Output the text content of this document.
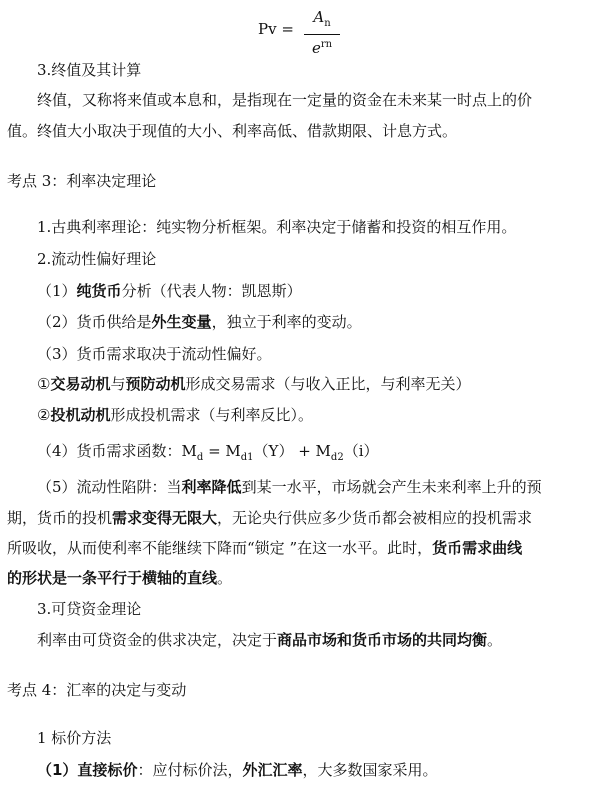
Pv =
$A_n$
$e^{rn}$
3.终值及其计算
终值，又称将来值或本息和，是指现在一定量的资金在未来某一时点上的价
值。终值大小取决于现值的大小、利率高低、借款期限、计息方式。
考点 3：利率决定理论
1.古典利率理论：纯实物分析框架。利率决定于储蓄和投资的相互作用。
2.流动性偏好理论
（1）纯货币分析（代表人物：凯恩斯）
（2）货币供给是外生变量，独立于利率的变动。
（3）货币需求取决于流动性偏好。
①交易动机与预防动机形成交易需求（与收入正比，与利率无关）
②投机动机形成投机需求（与利率反比）。
（4）货币需求函数：$M_d = M_{d1}(Y) + M_{d2}(i)$
（5）流动性陷阱：当利率降低到某一水平，市场就会产生未来利率上升的预
期，货币的投机需求变得无限大，无论央行供应多少货币都会被相应的投机需求
所吸收，从而使利率不能继续下降而“锁定 ”在这一水平。此时，货币需求曲线
的形状是一条平行于横轴的直线。
3.可贷资金理论
利率由可贷资金的供求决定，决定于商品市场和货币市场的共同均衡。
考点 4：汇率的决定与变动
1 标价方法
（1）直接标价：应付标价法，外汇汇率，大多数国家采用。
